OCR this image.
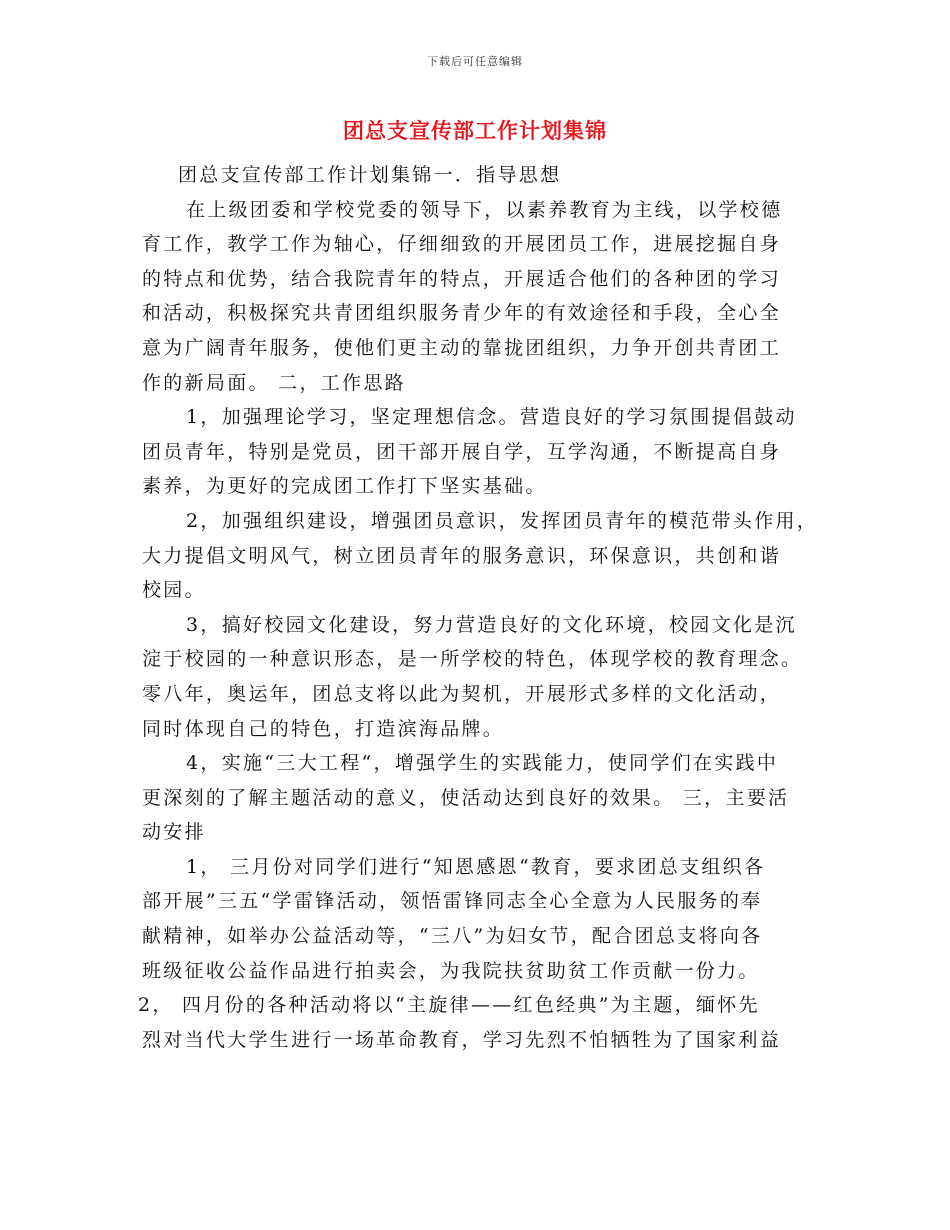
下载后可任意编辑
团总支宣传部工作计划集锦
团总支宣传部工作计划集锦一．指导思想
在上级团委和学校党委的领导下，以素养教育为主线，以学校德
育工作，教学工作为轴心，仔细细致的开展团员工作，进展挖掘自身
的特点和优势，结合我院青年的特点，开展适合他们的各种团的学习
和活动，积极探究共青团组织服务青少年的有效途径和手段，全心全
意为广阔青年服务，使他们更主动的靠拢团组织，力争开创共青团工
作的新局面。 二，工作思路
1，加强理论学习，坚定理想信念。营造良好的学习氛围提倡鼓动
团员青年，特别是党员，团干部开展自学，互学沟通，不断提高自身
素养，为更好的完成团工作打下坚实基础。
2，加强组织建设，增强团员意识，发挥团员青年的模范带头作用，
大力提倡文明风气，树立团员青年的服务意识，环保意识，共创和谐
校园。
3，搞好校园文化建设，努力营造良好的文化环境，校园文化是沉
淀于校园的一种意识形态，是一所学校的特色，体现学校的教育理念。
零八年，奥运年，团总支将以此为契机，开展形式多样的文化活动，
同时体现自己的特色，打造滨海品牌。
4，实施“三大工程“，增强学生的实践能力，使同学们在实践中
更深刻的了解主题活动的意义，使活动达到良好的效果。 三，主要活
动安排
1， 三月份对同学们进行“知恩感恩“教育，要求团总支组织各
部开展”三五“学雷锋活动，领悟雷锋同志全心全意为人民服务的奉
献精神，如举办公益活动等，“三八”为妇女节，配合团总支将向各
班级征收公益作品进行拍卖会，为我院扶贫助贫工作贡献一份力。
2， 四月份的各种活动将以“主旋律——红色经典”为主题，缅怀先
烈对当代大学生进行一场革命教育，学习先烈不怕牺牲为了国家利益
